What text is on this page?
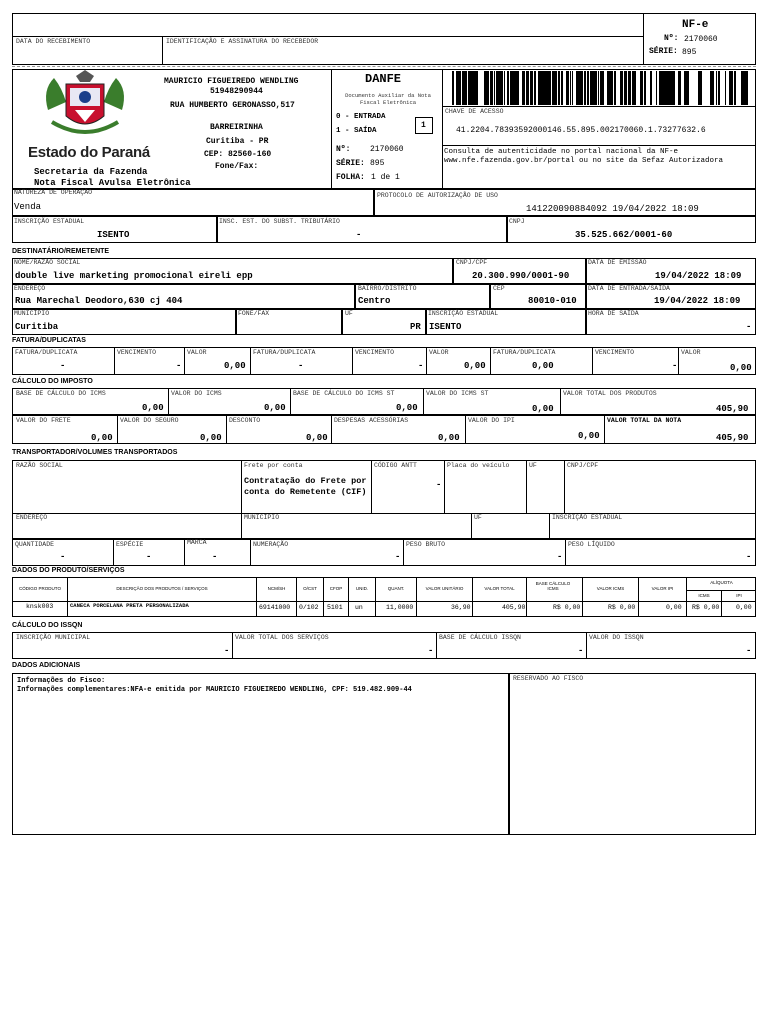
DATA DO RECEBIMENTO	IDENTIFICAÇÃO E ASSINATURA DO RECEBEDOR
NF-e
Nº: 2170060
SÉRIE: 895
Estado do Paraná
Secretaria da Fazenda
Nota Fiscal Avulsa Eletrônica
MAURICIO FIGUEIREDO WENDLING
51948290944
RUA HUMBERTO GERONASSO,517
BARREIRINHA
Curitiba - PR
CEP: 82560-160
Fone/Fax:
DANFE
Documento Auxiliar da Nota Fiscal Eletrônica
0 - ENTRADA
1 - SAÍDA
1
Nº: 2170060
SÉRIE: 895
FOLHA: 1 de 1
CHAVE DE ACESSO
41.2204.78393592000146.55.895.002170060.1.73277632.6
Consulta de autenticidade no portal nacional da NF-e www.nfe.fazenda.gov.br/portal ou no site da Sefaz Autorizadora
NATUREZA DE OPERAÇÃO
Venda
PROTOCOLO DE AUTORIZAÇÃO DE USO
141220090884092 19/04/2022 18:09
INSCRIÇÃO ESTADUAL
ISENTO
INSC. EST. DO SUBST. TRIBUTÁRIO
-
CNPJ
35.525.662/0001-60
DESTINATÁRIO/REMETENTE
NOME/RAZÃO SOCIAL
double live marketing promocional eireli epp
CNPJ/CPF
20.300.990/0001-90
DATA DE EMISSÃO
19/04/2022 18:09
ENDEREÇO
Rua Marechal Deodoro,630 cj 404
BAIRRO/DISTRITO
Centro
CEP
80010-010
DATA DE ENTRADA/SAÍDA
19/04/2022 18:09
MUNICÍPIO
Curitiba
FONE/FAX	UF
PR
INSCRIÇÃO ESTADUAL
ISENTO
HORA DE SAÍDA
-
FATURA/DUPLICATAS
FATURA/DUPLICATA	VENCIMENTO	VALOR	FATURA/DUPLICATA	VENCIMENTO	VALOR	FATURA/DUPLICATA	VENCIMENTO	VALOR
-	-	0,00	-	-	0,00	0,00	-	0,00
CÁLCULO DO IMPOSTO
BASE DE CÁLCULO DO ICMS
0,00
VALOR DO ICMS
0,00
BASE DE CÁLCULO DO ICMS ST
0,00
VALOR DO ICMS ST
0,00
VALOR TOTAL DOS PRODUTOS
405,90
VALOR DO FRETE
0,00
VALOR DO SEGURO
0,00
DESCONTO
0,00
DESPESAS ACESSÓRIAS
0,00
VALOR DO IPI
0,00
VALOR TOTAL DA NOTA
405,90
TRANSPORTADOR/VOLUMES TRANSPORTADOS
RAZÃO SOCIAL	Frete por conta
Contratação do Frete por conta do Remetente (CIF)
CÓDIGO ANTT
-
Placa do veículo	UF	CNPJ/CPF
ENDEREÇO	MUNICÍPIO	UF	INSCRIÇÃO ESTADUAL
QUANTIDADE
-
ESPÉCIE
-
MARCA
-
NUMERAÇÃO
-
PESO BRUTO
-
PESO LÍQUIDO
-
DADOS DO PRODUTO/SERVIÇOS
CÓDIGO PRODUTO	DESCRIÇÃO DOS PRODUTOS / SERVIÇOS	NCM/SH	O/CST	CFOP	UNID.	QUANT.	VALOR UNITÁRIO	VALOR TOTAL
BASE CÁLCULO ICMS	VALOR ICMS	VALOR IPI
ALÍQUOTA
ICMS	IPI
knsk003	CANECA PORCELANA PRETA PERSONALIZADA	69141000 0/102 5101 un	11,0000	36,90	405,90	R$ 0,00	R$ 0,00	0,00 R$ 0,00	0,00
CÁLCULO DO ISSQN
INSCRIÇÃO MUNICIPAL
-
VALOR TOTAL DOS SERVIÇOS
-
BASE DE CÁLCULO ISSQN
-
VALOR DO ISSQN
-
DADOS ADICIONAIS
Informações do Fisco:
Informações complementares:NFA-e emitida por MAURICIO FIGUEIREDO WENDLING, CPF: 519.482.909-44
RESERVADO AO FISCO
